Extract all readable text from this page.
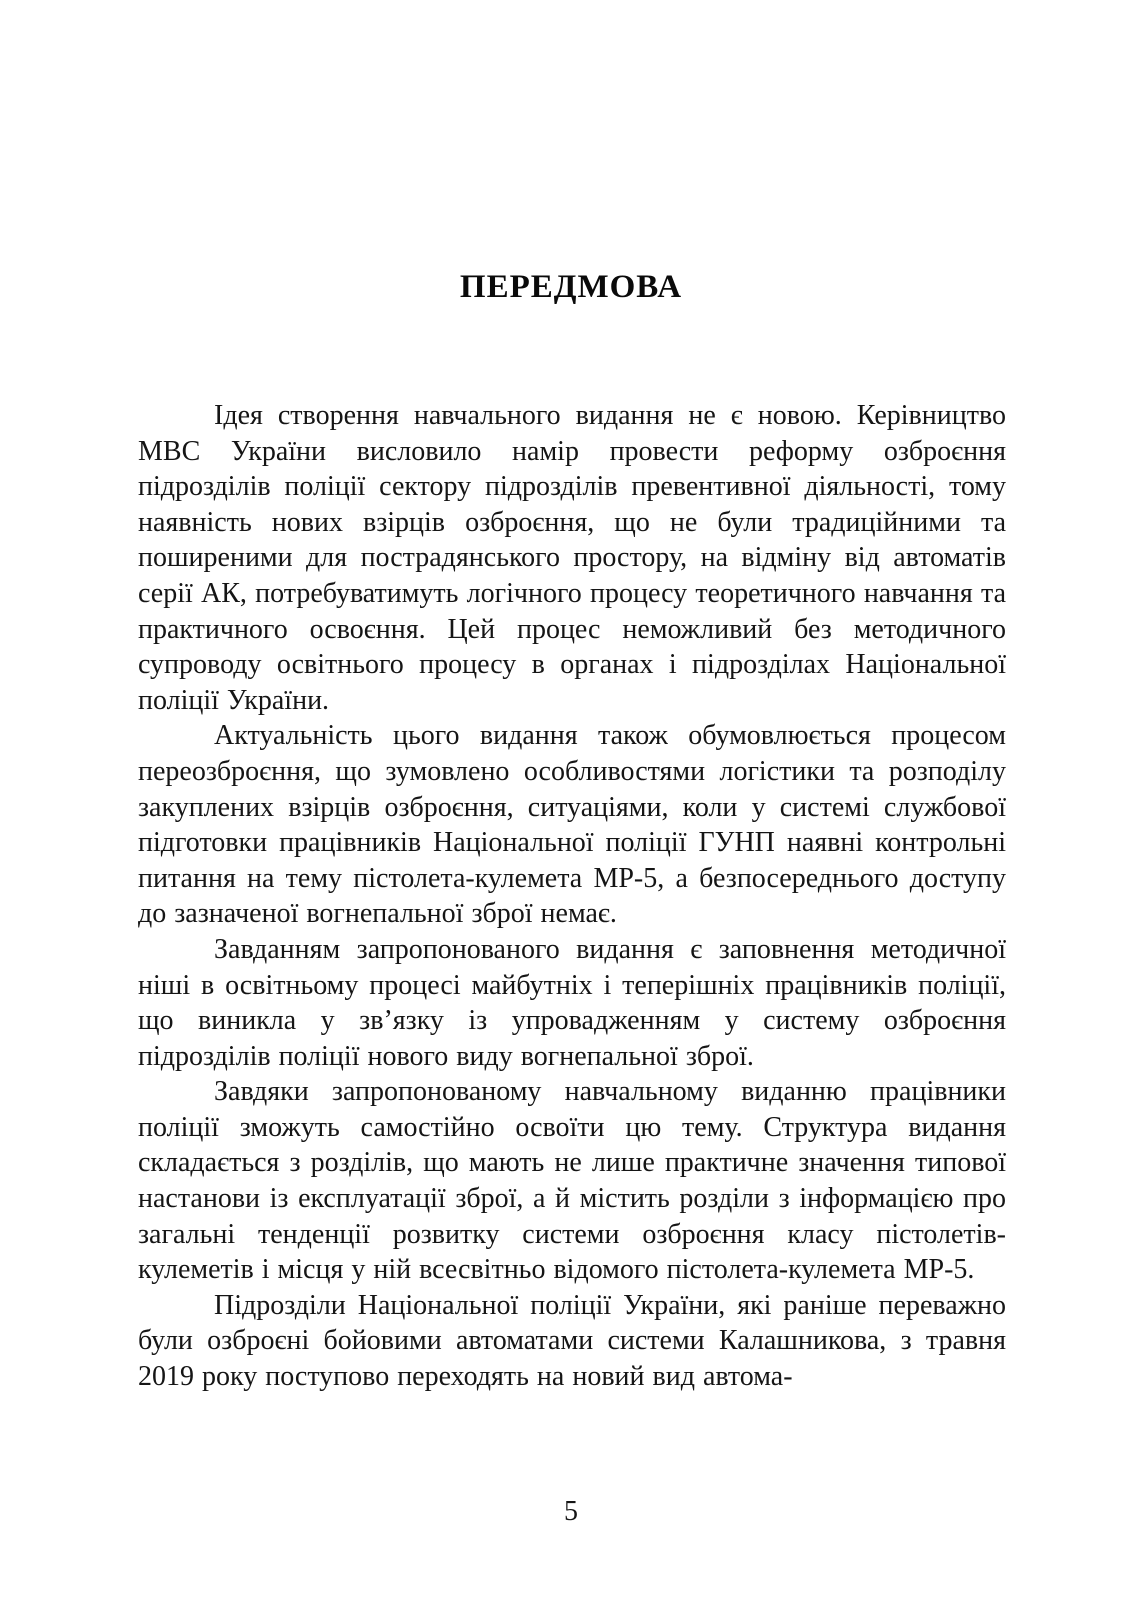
ПЕРЕДМОВА

Ідея створення навчального видання не є новою. Керівництво МВС України висловило намір провести реформу озброєння підрозділів поліції сектору підрозділів превентивної діяльності, тому наявність нових взірців озброєння, що не були традиційними та поширеними для пострадянського простору, на відміну від автоматів серії АК, потребуватимуть логічного процесу теоретичного навчання та практичного освоєння. Цей процес неможливий без методичного супроводу освітнього процесу в органах і підрозділах Національної поліції України.

Актуальність цього видання також обумовлюється процесом переозброєння, що зумовлено особливостями логістики та розподілу закуплених взірців озброєння, ситуаціями, коли у системі службової підготовки працівників Національної поліції ГУНП наявні контрольні питання на тему пістолета-кулемета МР-5, а безпосереднього доступу до зазначеної вогнепальної зброї немає.

Завданням запропонованого видання є заповнення методичної ніші в освітньому процесі майбутніх і теперішніх працівників поліції, що виникла у зв’язку із упровадженням у систему озброєння підрозділів поліції нового виду вогнепальної зброї.

Завдяки запропонованому навчальному виданню працівники поліції зможуть самостійно освоїти цю тему. Структура видання складається з розділів, що мають не лише практичне значення типової настанови із експлуатації зброї, а й містить розділи з інформацією про загальні тенденції розвитку системи озброєння класу пістолетів-кулеметів і місця у ній всесвітньо відомого пістолета-кулемета МР-5.

Підрозділи Національної поліції України, які раніше переважно були озброєні бойовими автоматами системи Калашникова, з травня 2019 року поступово переходять на новий вид автома-

5
